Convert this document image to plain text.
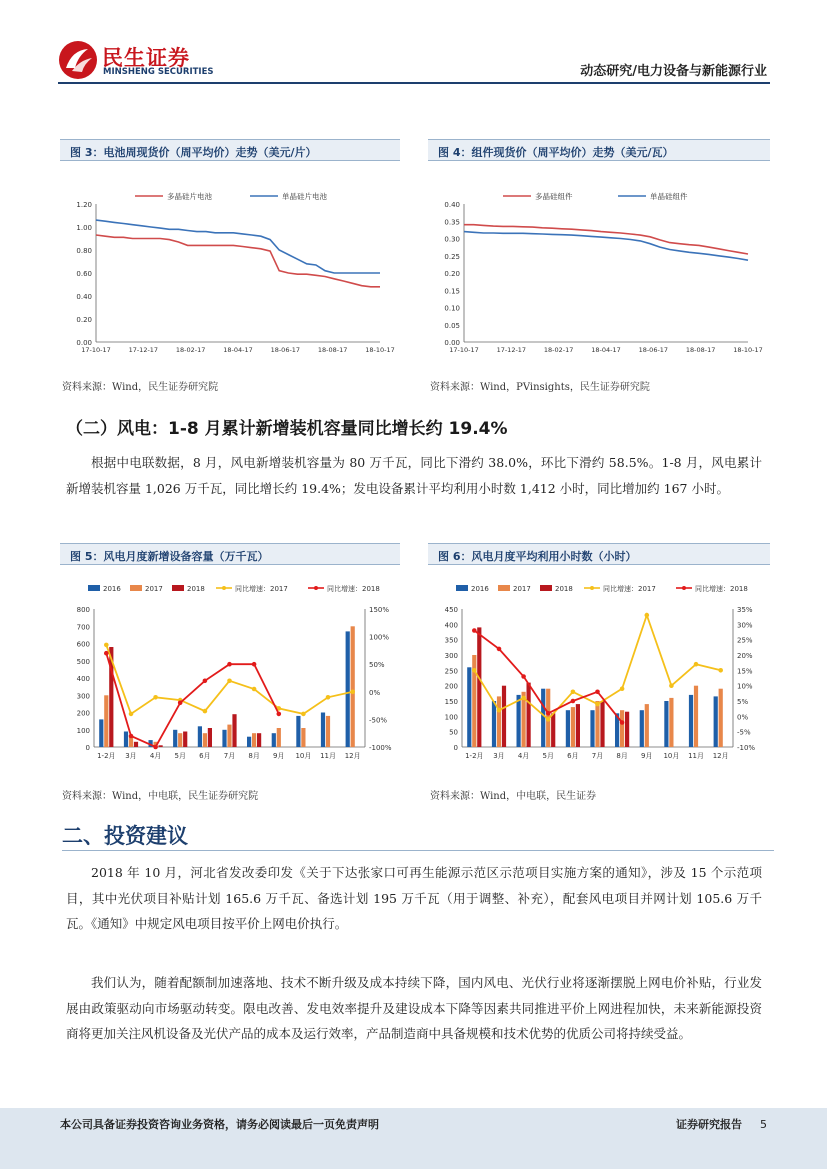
民生证券
MINSHENG SECURITIES	动态研究/电力设备与新能源行业
图 3：电池周现货价（周平均价）走势（美元/片）
0.00
0.20
0.40
0.60
0.80
1.00
1.20
17-10-17	17-12-17	18-02-17	18-04-17	18-06-17	18-08-17	18-10-17
多晶硅片电池	单晶硅片电池
资料来源：Wind，民生证券研究院
图 4：组件现货价（周平均价）走势（美元/瓦）
0.00
0.05
0.10
0.15
0.20
0.25
0.30
0.35
0.40
17-10-17	17-12-17	18-02-17	18-04-17	18-06-17	18-08-17	18-10-17
多晶硅组件	单晶硅组件
资料来源：Wind，PVinsights，民生证券研究院
（二）风电：1-8 月累计新增装机容量同比增长约 19.4%
根据中电联数据，8 月，风电新增装机容量为 80 万千瓦，同比下滑约 38.0%，环比下滑约 58.5%。1-8 月，风电累计新增装机容量 1,026 万千瓦，同比增长约 19.4%；发电设备累计平均利用小时数 1,412 小时，同比增加约 167 小时。
图 5：风电月度新增设备容量（万千瓦）
0
100
200
300
400
500
600
700
800
-100%
-50%
0%
50%
100%
150%
1-2月 3月 4月 5月 6月 7月 8月 9月 10月 11月 12月
2016	2017	2018	同比增速：2017	同比增速：2018
资料来源：Wind，中电联，民生证券研究院
图 6：风电月度平均利用小时数（小时）
0
50
100
150
200
250
300
350
400
450
-10%
-5%
0%
5%
10%
15%
20%
25%
30%
35%
1-2月 3月 4月 5月 6月 7月 8月 9月 10月 11月 12月
2016	2017	2018	同比增速：2017	同比增速：2018
资料来源：Wind，中电联，民生证券
二、投资建议
2018 年 10 月，河北省发改委印发《关于下达张家口可再生能源示范区示范项目实施方案的通知》，涉及 15 个示范项目，其中光伏项目补贴计划 165.6 万千瓦、备选计划 195 万千瓦（用于调整、补充），配套风电项目并网计划 105.6 万千瓦。《通知》中规定风电项目按平价上网电价执行。
我们认为，随着配额制加速落地、技术不断升级及成本持续下降，国内风电、光伏行业将逐渐摆脱上网电价补贴，行业发展由政策驱动向市场驱动转变。限电改善、发电效率提升及建设成本下降等因素共同推进平价上网进程加快，未来新能源投资商将更加关注风机设备及光伏产品的成本及运行效率，产品制造商中具备规模和技术优势的优质公司将持续受益。
本公司具备证券投资咨询业务资格，请务必阅读最后一页免责声明	证券研究报告 5
